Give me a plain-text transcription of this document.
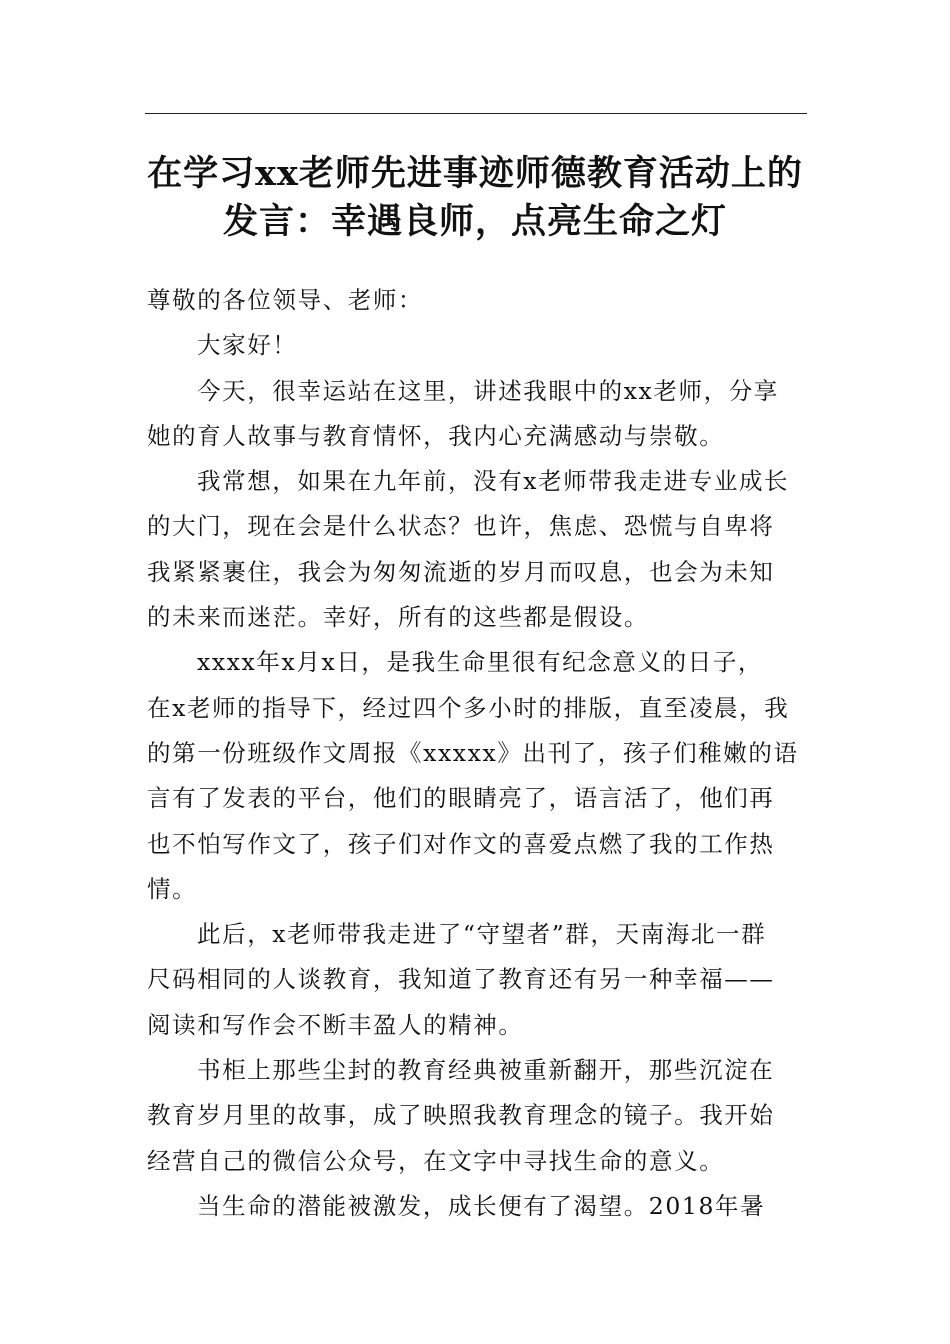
在学习xx老师先进事迹师德教育活动上的
发言：幸遇良师，点亮生命之灯
尊敬的各位领导、老师：
大家好！
今天，很幸运站在这里，讲述我眼中的xx老师，分享
她的育人故事与教育情怀，我内心充满感动与崇敬。
我常想，如果在九年前，没有x老师带我走进专业成长
的大门，现在会是什么状态？也许，焦虑、恐慌与自卑将
我紧紧裹住，我会为匆匆流逝的岁月而叹息，也会为未知
的未来而迷茫。幸好，所有的这些都是假设。
xxxx年x月x日，是我生命里很有纪念意义的日子，
在x老师的指导下，经过四个多小时的排版，直至凌晨，我
的第一份班级作文周报《xxxxx》出刊了，孩子们稚嫩的语
言有了发表的平台，他们的眼睛亮了，语言活了，他们再
也不怕写作文了，孩子们对作文的喜爱点燃了我的工作热
情。
此后，x老师带我走进了“守望者”群，天南海北一群
尺码相同的人谈教育，我知道了教育还有另一种幸福——
阅读和写作会不断丰盈人的精神。
书柜上那些尘封的教育经典被重新翻开，那些沉淀在
教育岁月里的故事，成了映照我教育理念的镜子。我开始
经营自己的微信公众号，在文字中寻找生命的意义。
当生命的潜能被激发，成长便有了渴望。2018年暑
